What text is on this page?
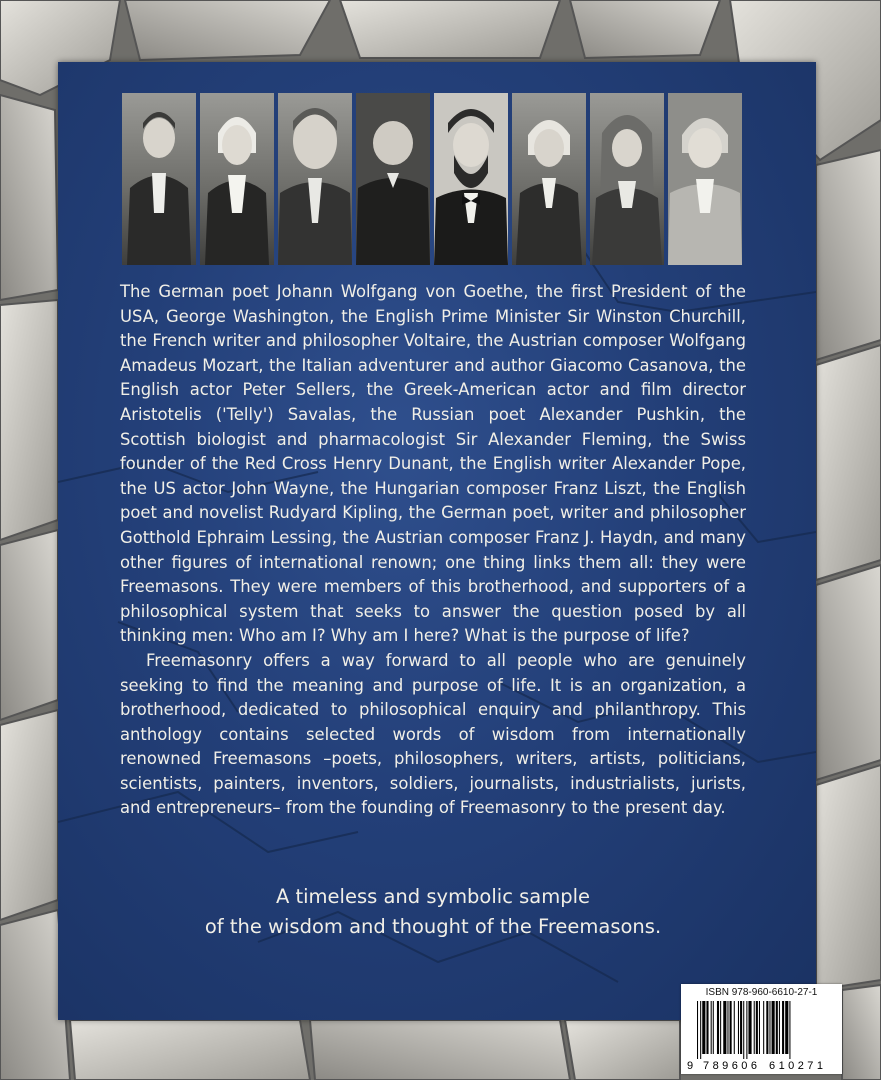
The German poet Johann Wolfgang von Goethe, the first President of the USA, George Washington, the English Prime Minister Sir Winston Churchill, the French writer and philosopher Voltaire, the Austrian composer Wolfgang Amadeus Mozart, the Italian adventurer and author Giacomo Casanova, the English actor Peter Sellers, the Greek-American actor and film director Aristotelis ('Telly') Savalas, the Russian poet Alexander Pushkin, the Scottish biologist and pharmacologist Sir Alexander Fleming, the Swiss founder of the Red Cross Henry Dunant, the English writer Alexander Pope, the US actor John Wayne, the Hungarian composer Franz Liszt, the English poet and novelist Rudyard Kipling, the German poet, writer and philosopher Gotthold Ephraim Lessing, the Austrian composer Franz J. Haydn, and many other figures of international renown; one thing links them all: they were Freemasons. They were members of this brotherhood, and supporters of a philosophical system that seeks to answer the question posed by all thinking men: Who am I? Why am I here? What is the purpose of life?

Freemasonry offers a way forward to all people who are genuinely seeking to find the meaning and purpose of life. It is an organization, a brotherhood, dedicated to philosophical enquiry and philanthropy. This anthology contains selected words of wisdom from internationally renowned Freemasons –poets, philosophers, writers, artists, politicians, scientists, painters, inventors, soldiers, journalists, industrialists, jurists, and entrepreneurs– from the founding of Freemasonry to the present day.

A timeless and symbolic sample
of the wisdom and thought of the Freemasons.
ISBN 978-960-6610-27-1
9 789606 610271
